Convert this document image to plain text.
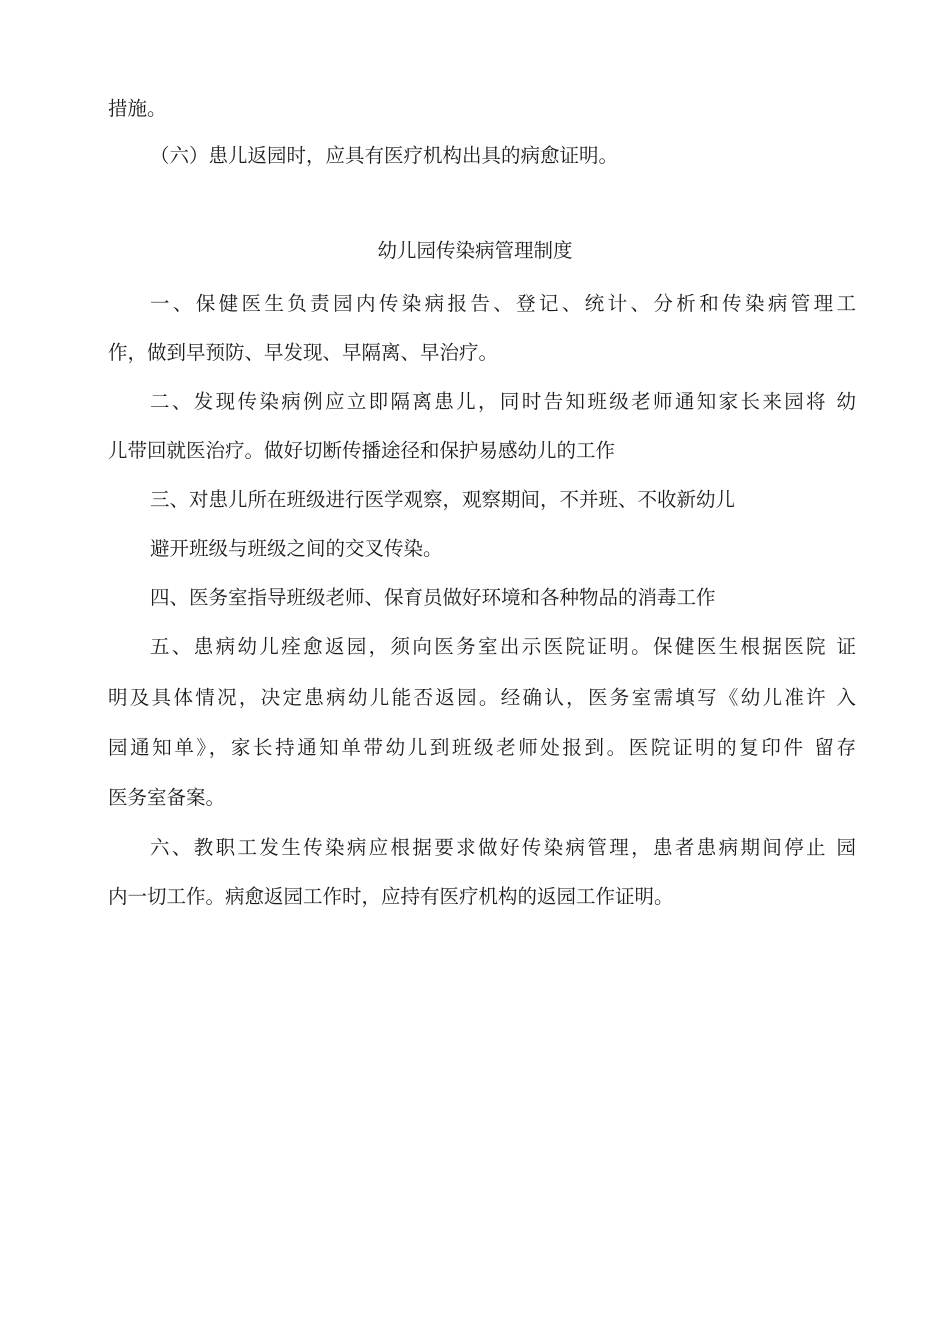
措施。
（六）患儿返园时，应具有医疗机构出具的病愈证明。
幼儿园传染病管理制度
一、保健医生负责园内传染病报告、登记、统计、分析和传染病管理工
作，做到早预防、早发现、早隔离、早治疗。
二、发现传染病例应立即隔离患儿，同时告知班级老师通知家长来园将 幼
儿带回就医治疗。做好切断传播途径和保护易感幼儿的工作
三、对患儿所在班级进行医学观察，观察期间，不并班、不收新幼儿
避开班级与班级之间的交叉传染。
四、医务室指导班级老师、保育员做好环境和各种物品的消毒工作
五、患病幼儿痊愈返园，须向医务室出示医院证明。保健医生根据医院 证
明及具体情况，决定患病幼儿能否返园。经确认，医务室需填写《幼儿准许 入
园通知单》，家长持通知单带幼儿到班级老师处报到。医院证明的复印件 留存
医务室备案。
六、教职工发生传染病应根据要求做好传染病管理，患者患病期间停止 园
内一切工作。病愈返园工作时，应持有医疗机构的返园工作证明。
